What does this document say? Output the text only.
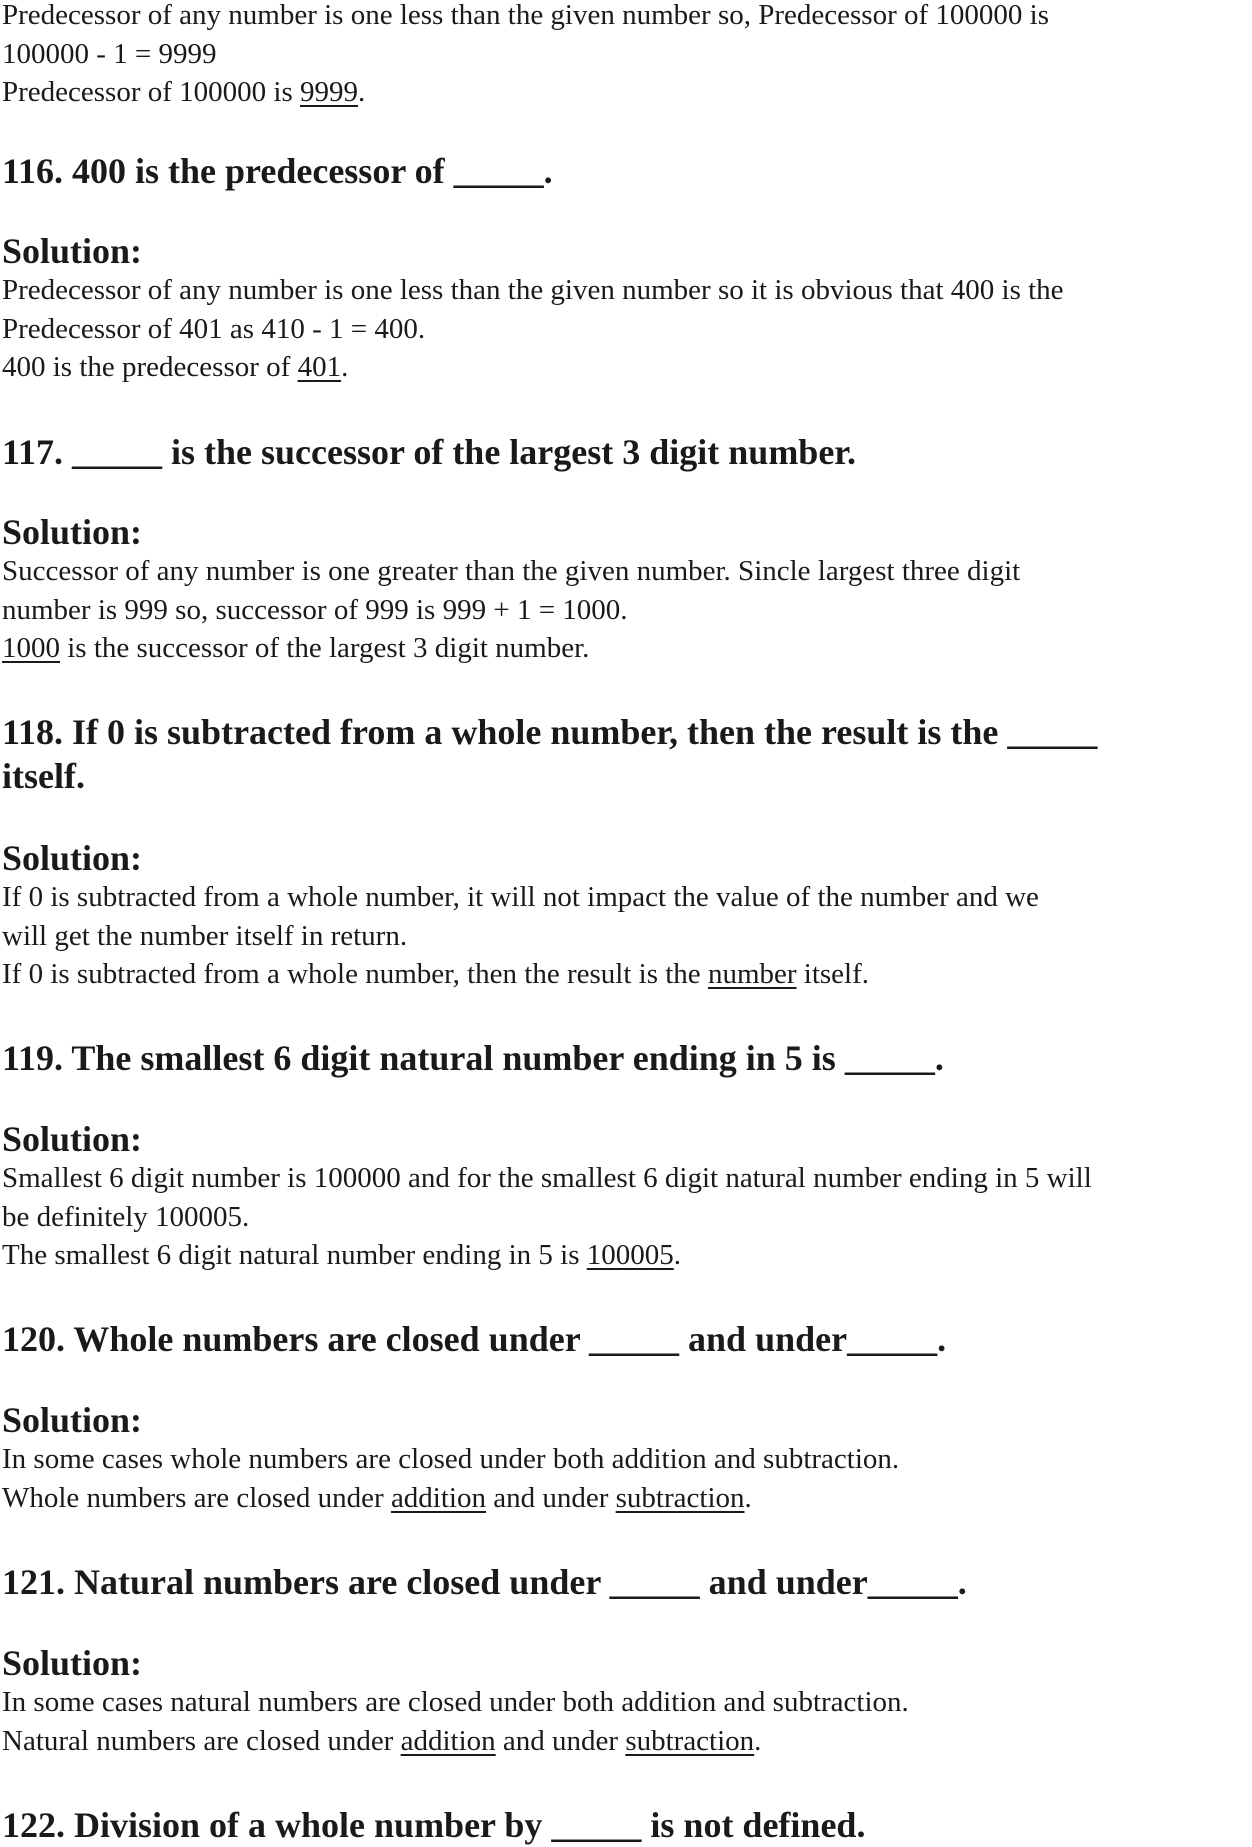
Predecessor of any number is one less than the given number so, Predecessor of 100000 is

100000 - 1 = 9999

Predecessor of 100000 is 9999.

116. 400 is the predecessor of _____.

Solution:

Predecessor of any number is one less than the given number so it is obvious that 400 is the

Predecessor of 401 as 410 - 1 = 400.

400 is the predecessor of 401.

117. _____ is the successor of the largest 3 digit number.

Solution:

Successor of any number is one greater than the given number. Sincle largest three digit

number is 999 so, successor of 999 is 999 + 1 = 1000.

1000 is the successor of the largest 3 digit number.

118. If 0 is subtracted from a whole number, then the result is the _____

itself.

Solution:

If 0 is subtracted from a whole number, it will not impact the value of the number and we

will get the number itself in return.

If 0 is subtracted from a whole number, then the result is the number itself.

119. The smallest 6 digit natural number ending in 5 is _____.

Solution:

Smallest 6 digit number is 100000 and for the smallest 6 digit natural number ending in 5 will

be definitely 100005.

The smallest 6 digit natural number ending in 5 is 100005.

120. Whole numbers are closed under _____ and under_____.

Solution:

In some cases whole numbers are closed under both addition and subtraction.

Whole numbers are closed under addition and under subtraction.

121. Natural numbers are closed under _____ and under_____.

Solution:

In some cases natural numbers are closed under both addition and subtraction.

Natural numbers are closed under addition and under subtraction.

122. Division of a whole number by _____ is not defined.
